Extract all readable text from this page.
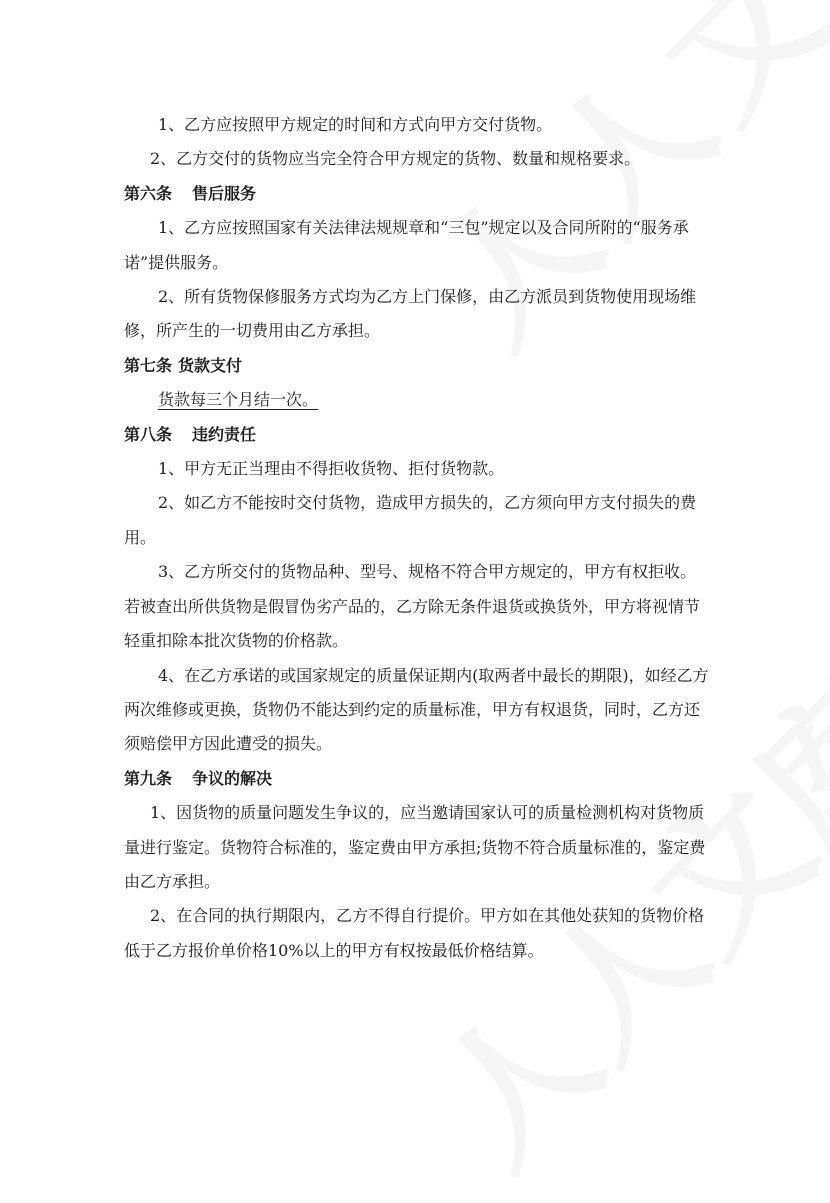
1、乙方应按照甲方规定的时间和方式向甲方交付货物。

2、乙方交付的货物应当完全符合甲方规定的货物、数量和规格要求。

第六条 售后服务

1、乙方应按照国家有关法律法规规章和“三包”规定以及合同所附的“服务承诺”提供服务。

2、所有货物保修服务方式均为乙方上门保修，由乙方派员到货物使用现场维修，所产生的一切费用由乙方承担。

第七条 货款支付

货款每三个月结一次。

第八条 违约责任

1、甲方无正当理由不得拒收货物、拒付货物款。

2、如乙方不能按时交付货物，造成甲方损失的，乙方须向甲方支付损失的费用。

3、乙方所交付的货物品种、型号、规格不符合甲方规定的，甲方有权拒收。若被查出所供货物是假冒伪劣产品的，乙方除无条件退货或换货外，甲方将视情节轻重扣除本批次货物的价格款。

4、在乙方承诺的或国家规定的质量保证期内(取两者中最长的期限)，如经乙方两次维修或更换，货物仍不能达到约定的质量标准，甲方有权退货，同时，乙方还须赔偿甲方因此遭受的损失。

第九条 争议的解决

1、因货物的质量问题发生争议的，应当邀请国家认可的质量检测机构对货物质量进行鉴定。货物符合标准的，鉴定费由甲方承担;货物不符合质量标准的，鉴定费由乙方承担。

2、在合同的执行期限内，乙方不得自行提价。甲方如在其他处获知的货物价格低于乙方报价单价格10%以上的甲方有权按最低价格结算。
